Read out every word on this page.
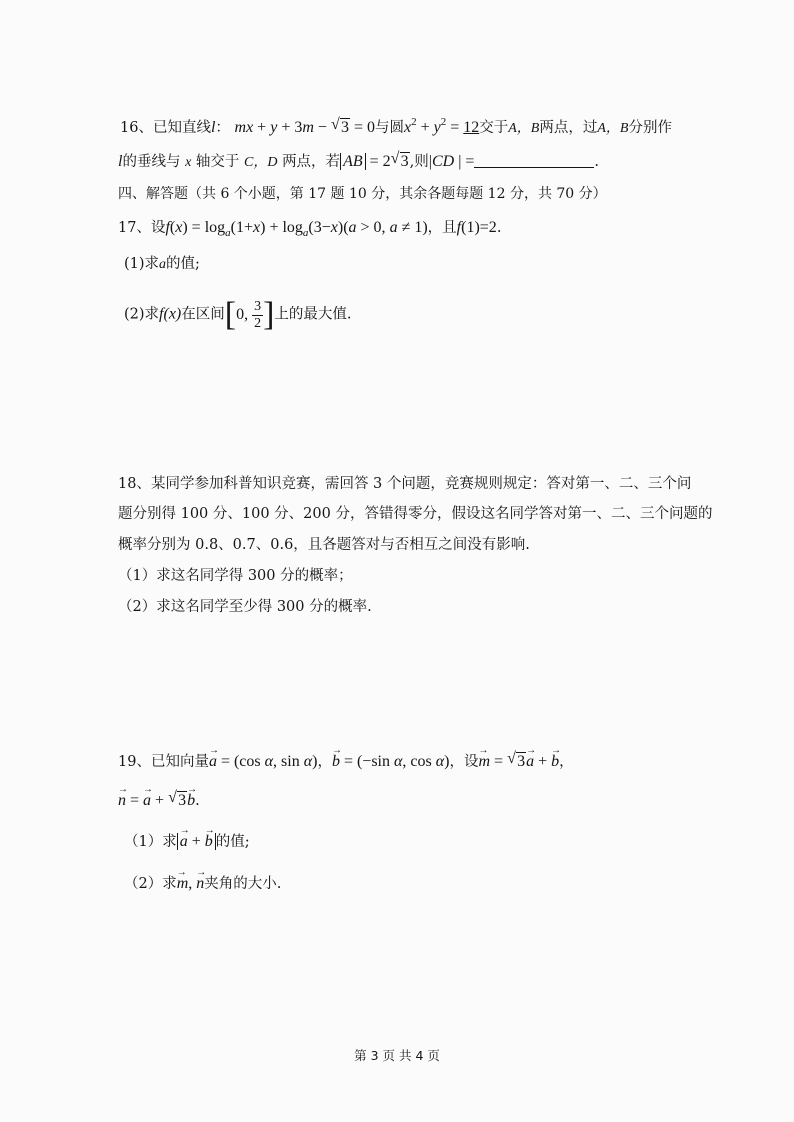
16、已知直线l： mx + y + 3m − √ 3 = 0与圆$x^2 + y^2 = 12$交于A，B两点，过A，B分别作
l的垂线与 x 轴交于 C，D 两点，若 AB = 2√ 3,则|CD | =	.
四、解答题（共 6 个小题，第 17 题 10 分，其余各题每题 12 分，共 70 分）
17、设$f(x) = \log_a(1+x) + \log_a(3-x)(a > 0$, a ≠ 1)，且f(1)=2.
(1)求a的值;
(2)求f(x)在区间[0, $\frac{3}{2}$ ]上的最大值.
18、某同学参加科普知识竞赛，需回答 3 个问题，竞赛规则规定：答对第一、二、三个问
题分别得 100 分、100 分、200 分，答错得零分，假设这名同学答对第一、二、三个问题的
概率分别为 0.8、0.7、0.6，且各题答对与否相互之间没有影响.
（1）求这名同学得 300 分的概率；
（2）求这名同学至少得 300 分的概率.
19、已知向量a → = (cos α, sin α)，b → = (−sin α, cos α)，设m → = √ 3a → + b →，
n → = a → + √ 3b →.
（1）求 a → + b → 的值;
（2）求m →, n →夹角的大小.
第 3 页 共 4 页
